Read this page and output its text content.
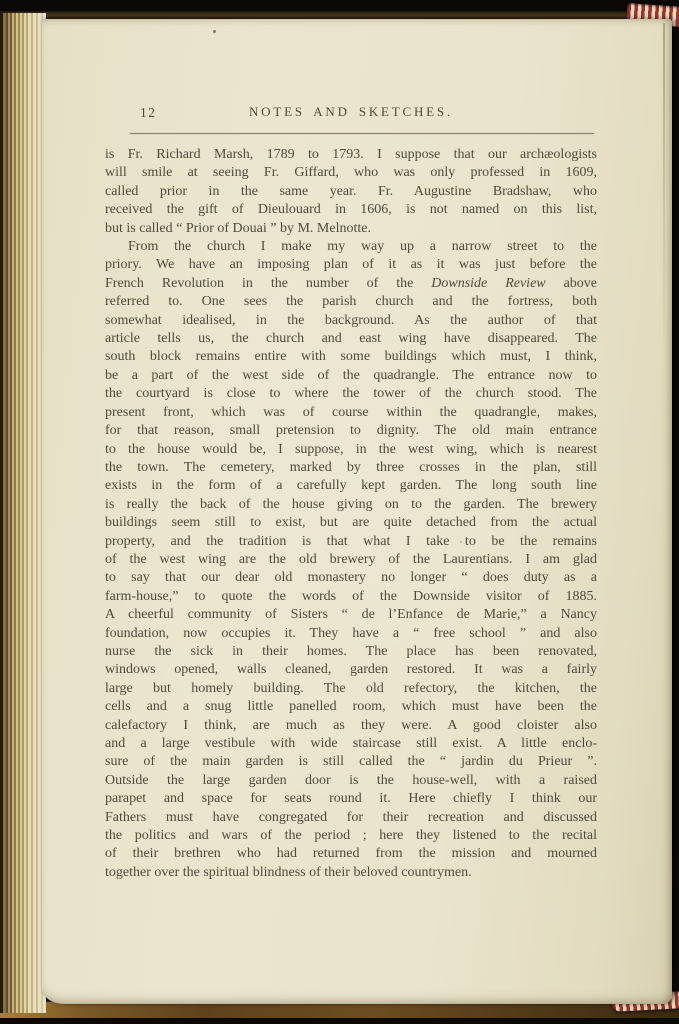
12	NOTES AND SKETCHES.
is Fr. Richard Marsh, 1789 to 1793. I suppose that our archæologists
will smile at seeing Fr. Giffard, who was only professed in 1609,
called prior in the same year. Fr. Augustine Bradshaw, who
received the gift of Dieulouard in 1606, is not named on this list,
but is called “ Prior of Douai ” by M. Melnotte.
From the church I make my way up a narrow street to the
priory. We have an imposing plan of it as it was just before the
French Revolution in the number of the Downside Review above
referred to. One sees the parish church and the fortress, both
somewhat idealised, in the background. As the author of that
article tells us, the church and east wing have disappeared. The
south block remains entire with some buildings which must, I think,
be a part of the west side of the quadrangle. The entrance now to
the courtyard is close to where the tower of the church stood. The
present front, which was of course within the quadrangle, makes,
for that reason, small pretension to dignity. The old main entrance
to the house would be, I suppose, in the west wing, which is nearest
the town. The cemetery, marked by three crosses in the plan, still
exists in the form of a carefully kept garden. The long south line
is really the back of the house giving on to the garden. The brewery
buildings seem still to exist, but are quite detached from the actual
property, and the tradition is that what I take to be the remains
of the west wing are the old brewery of the Laurentians. I am glad
to say that our dear old monastery no longer “ does duty as a
farm-house,” to quote the words of the Downside visitor of 1885.
A cheerful community of Sisters “ de l’Enfance de Marie,” a Nancy
foundation, now occupies it. They have a “ free school ” and also
nurse the sick in their homes. The place has been renovated,
windows opened, walls cleaned, garden restored. It was a fairly
large but homely building. The old refectory, the kitchen, the
cells and a snug little panelled room, which must have been the
calefactory I think, are much as they were. A good cloister also
and a large vestibule with wide staircase still exist. A little enclo-
sure of the main garden is still called the “ jardin du Prieur ”.
Outside the large garden door is the house-well, with a raised
parapet and space for seats round it. Here chiefly I think our
Fathers must have congregated for their recreation and discussed
the politics and wars of the period ; here they listened to the recital
of their brethren who had returned from the mission and mourned
together over the spiritual blindness of their beloved countrymen.
